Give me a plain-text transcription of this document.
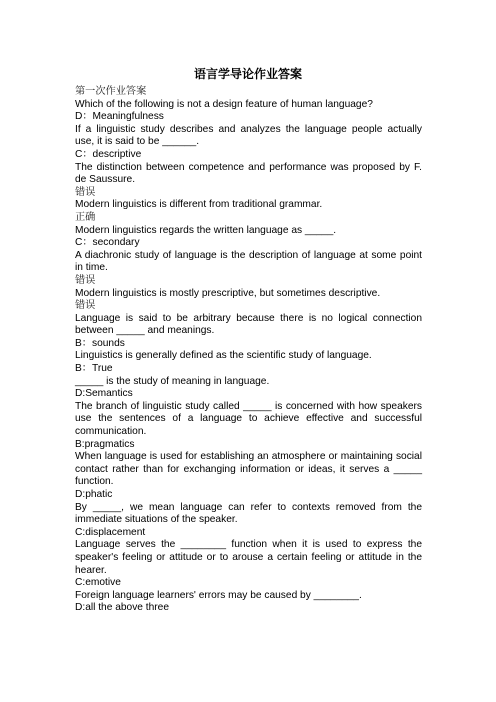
语言学导论作业答案

第一次作业答案

Which of the following is not a design feature of human language?

D：Meaningfulness

If a linguistic study describes and analyzes the language people actually use, it is said to be ______.

C：descriptive

The distinction between competence and performance was proposed by F. de Saussure.

错误

Modern linguistics is different from traditional grammar.

正确

Modern linguistics regards the written language as _____.

C：secondary

A diachronic study of language is the description of language at some point in time.

错误

Modern linguistics is mostly prescriptive, but sometimes descriptive.

错误

Language is said to be arbitrary because there is no logical connection between _____ and meanings.

B：sounds

Linguistics is generally defined as the scientific study of language.

B：True

_____ is the study of meaning in language.

D:Semantics

The branch of linguistic study called _____ is concerned with how speakers use the sentences of a language to achieve effective and successful communication.

B:pragmatics

When language is used for establishing an atmosphere or maintaining social contact rather than for exchanging information or ideas, it serves a _____ function.

D:phatic

By _____, we mean language can refer to contexts removed from the immediate situations of the speaker.

C:displacement

Language serves the ________ function when it is used to express the speaker's feeling or attitude or to arouse a certain feeling or attitude in the hearer.

C:emotive

Foreign language learners' errors may be caused by ________.

D:all the above three
